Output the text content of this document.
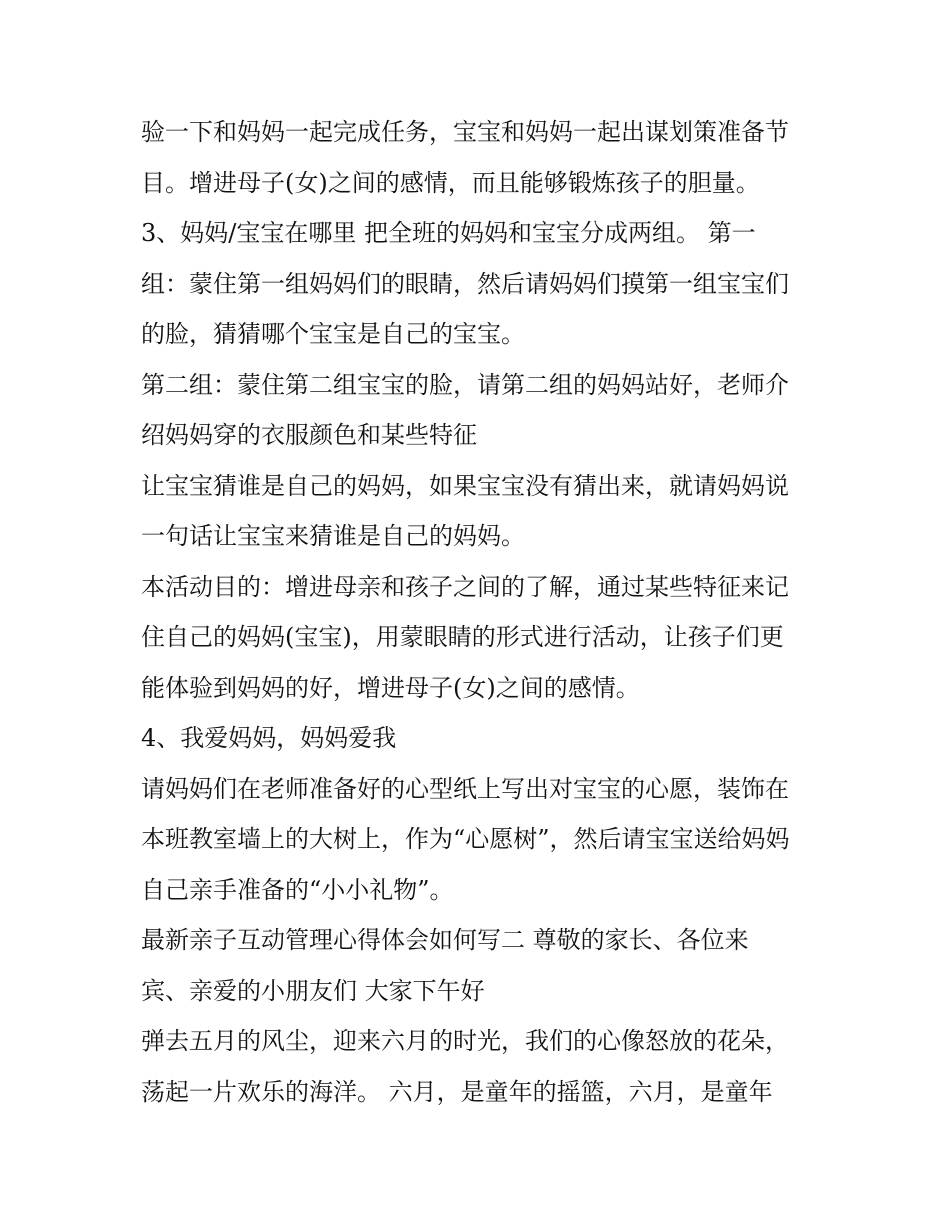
验一下和妈妈一起完成任务，宝宝和妈妈一起出谋划策准备节
目。增进母子(女)之间的感情，而且能够锻炼孩子的胆量。
3、妈妈/宝宝在哪里 把全班的妈妈和宝宝分成两组。 第一
组：蒙住第一组妈妈们的眼睛，然后请妈妈们摸第一组宝宝们
的脸，猜猜哪个宝宝是自己的宝宝。
第二组：蒙住第二组宝宝的脸，请第二组的妈妈站好，老师介
绍妈妈穿的衣服颜色和某些特征
让宝宝猜谁是自己的妈妈，如果宝宝没有猜出来，就请妈妈说
一句话让宝宝来猜谁是自己的妈妈。
本活动目的：增进母亲和孩子之间的了解，通过某些特征来记
住自己的妈妈(宝宝)，用蒙眼睛的形式进行活动，让孩子们更
能体验到妈妈的好，增进母子(女)之间的感情。
4、我爱妈妈，妈妈爱我
请妈妈们在老师准备好的心型纸上写出对宝宝的心愿，装饰在
本班教室墙上的大树上，作为“心愿树”，然后请宝宝送给妈妈
自己亲手准备的“小小礼物”。
最新亲子互动管理心得体会如何写二 尊敬的家长、各位来
宾、亲爱的小朋友们 大家下午好
弹去五月的风尘，迎来六月的时光，我们的心像怒放的花朵，
荡起一片欢乐的海洋。 六月，是童年的摇篮，六月，是童年
